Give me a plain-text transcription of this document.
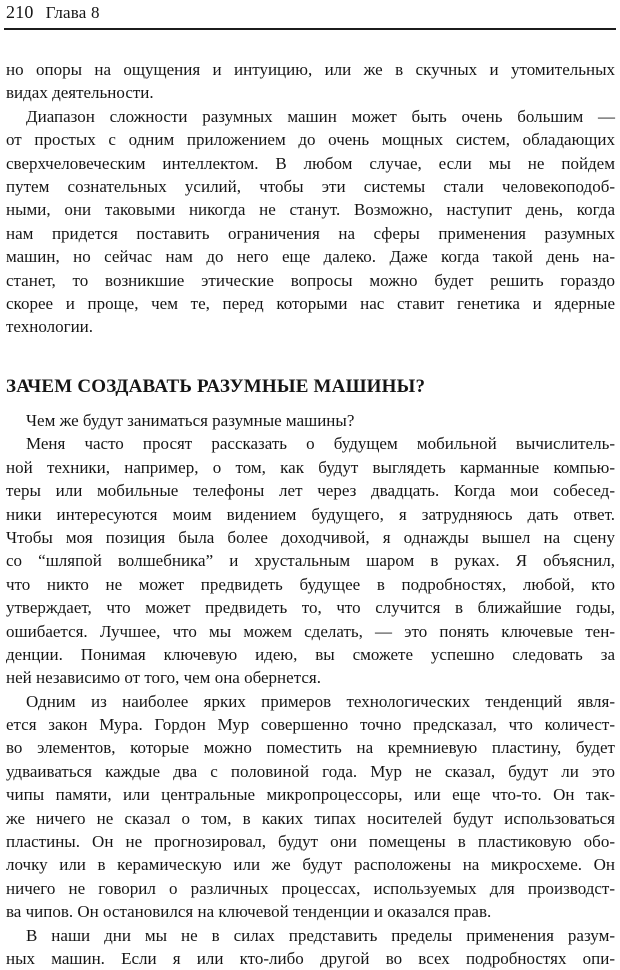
210 Глава 8
но опоры на ощущения и интуицию, или же в скучных и утомительных
видах деятельности.
Диапазон сложности разумных машин может быть очень большим —
от простых с одним приложением до очень мощных систем, обладающих
сверхчеловеческим интеллектом. В любом случае, если мы не пойдем
путем сознательных усилий, чтобы эти системы стали человекоподоб-
ными, они таковыми никогда не станут. Возможно, наступит день, когда
нам придется поставить ограничения на сферы применения разумных
машин, но сейчас нам до него еще далеко. Даже когда такой день на-
станет, то возникшие этические вопросы можно будет решить гораздо
скорее и проще, чем те, перед которыми нас ставит генетика и ядерные
технологии.
ЗАЧЕМ СОЗДАВАТЬ РАЗУМНЫЕ МАШИНЫ?
Чем же будут заниматься разумные машины?
Меня часто просят рассказать о будущем мобильной вычислитель-
ной техники, например, о том, как будут выглядеть карманные компью-
теры или мобильные телефоны лет через двадцать. Когда мои собесед-
ники интересуются моим видением будущего, я затрудняюсь дать ответ.
Чтобы моя позиция была более доходчивой, я однажды вышел на сцену
со “шляпой волшебника” и хрустальным шаром в руках. Я объяснил,
что никто не может предвидеть будущее в подробностях, любой, кто
утверждает, что может предвидеть то, что случится в ближайшие годы,
ошибается. Лучшее, что мы можем сделать, — это понять ключевые тен-
денции. Понимая ключевую идею, вы сможете успешно следовать за
ней независимо от того, чем она обернется.
Одним из наиболее ярких примеров технологических тенденций явля-
ется закон Мура. Гордон Мур совершенно точно предсказал, что количест-
во элементов, которые можно поместить на кремниевую пластину, будет
удваиваться каждые два с половиной года. Мур не сказал, будут ли это
чипы памяти, или центральные микропроцессоры, или еще что-то. Он так-
же ничего не сказал о том, в каких типах носителей будут использоваться
пластины. Он не прогнозировал, будут они помещены в пластиковую обо-
лочку или в керамическую или же будут расположены на микросхеме. Он
ничего не говорил о различных процессах, используемых для производст-
ва чипов. Он остановился на ключевой тенденции и оказался прав.
В наши дни мы не в силах представить пределы применения разум-
ных машин. Если я или кто-либо другой во всех подробностях опи-
